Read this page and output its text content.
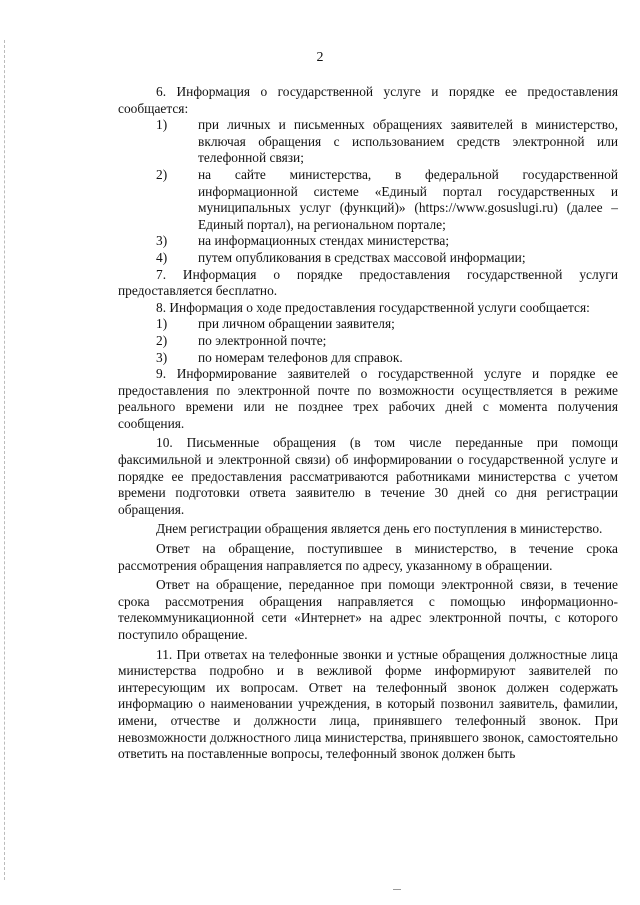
2

6. Информация о государственной услуге и порядке ее предоставления сообщается:

1)	при личных и письменных обращениях заявителей в министерство, включая обращения с использованием средств электронной или телефонной связи;
2)	на сайте министерства, в федеральной государственной информационной системе «Единый портал государственных и муниципальных услуг (функций)» (https://www.gosuslugi.ru) (далее – Единый портал), на региональном портале;
3)	на информационных стендах министерства;
4)	путем опубликования в средствах массовой информации;

7. Информация о порядке предоставления государственной услуги предоставляется бесплатно.

8. Информация о ходе предоставления государственной услуги сообщается:

1)	при личном обращении заявителя;
2)	по электронной почте;
3)	по номерам телефонов для справок.

9. Информирование заявителей о государственной услуге и порядке ее предоставления по электронной почте по возможности осуществляется в режиме реального времени или не позднее трех рабочих дней с момента получения сообщения.

10. Письменные обращения (в том числе переданные при помощи факсимильной и электронной связи) об информировании о государственной услуге и порядке ее предоставления рассматриваются работниками министерства с учетом времени подготовки ответа заявителю в течение 30 дней со дня регистрации обращения.

Днем регистрации обращения является день его поступления в министерство.

Ответ на обращение, поступившее в министерство, в течение срока рассмотрения обращения направляется по адресу, указанному в обращении.

Ответ на обращение, переданное при помощи электронной связи, в течение срока рассмотрения обращения направляется с помощью информационно-телекоммуникационной сети «Интернет» на адрес электронной почты, с которого поступило обращение.

11. При ответах на телефонные звонки и устные обращения должностные лица министерства подробно и в вежливой форме информируют заявителей по интересующим их вопросам. Ответ на телефонный звонок должен содержать информацию о наименовании учреждения, в который позвонил заявитель, фамилии, имени, отчестве и должности лица, принявшего телефонный звонок. При невозможности должностного лица министерства, принявшего звонок, самостоятельно ответить на поставленные вопросы, телефонный звонок должен быть
